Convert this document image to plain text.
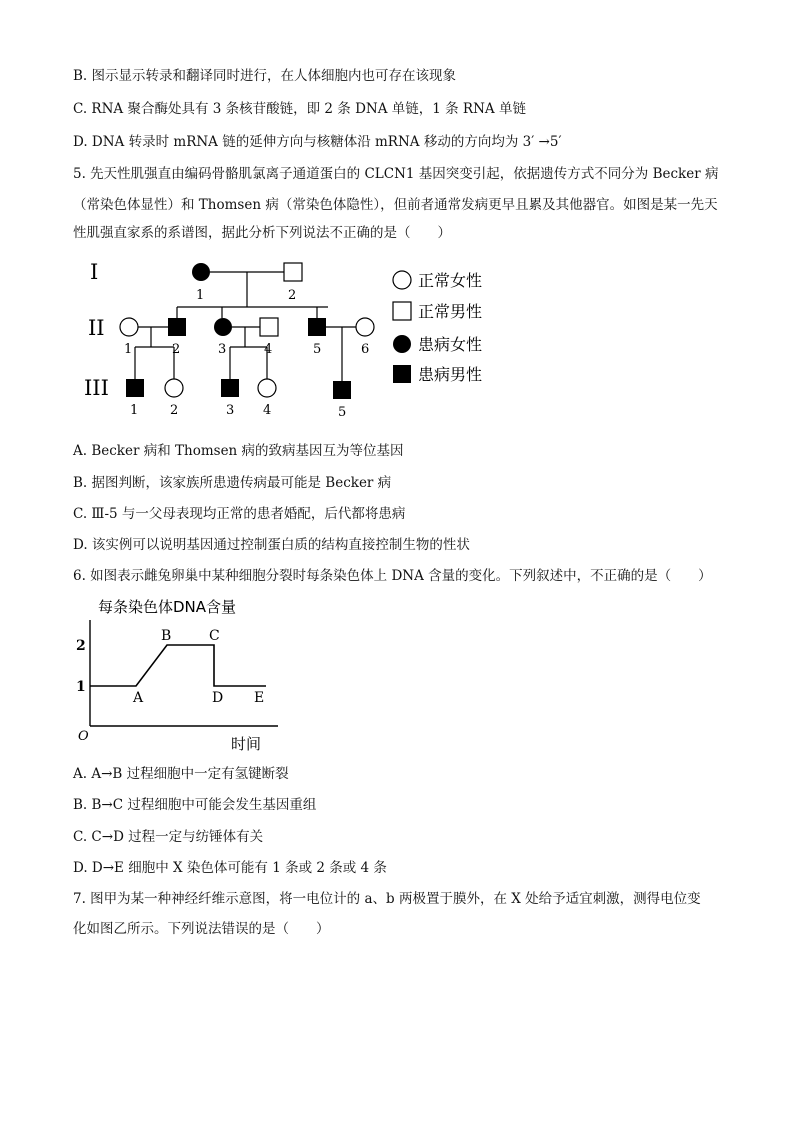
B. 图示显示转录和翻译同时进行，在人体细胞内也可存在该现象
C. RNA 聚合酶处具有 3 条核苷酸链，即 2 条 DNA 单链，1 条 RNA 单链
D. DNA 转录时 mRNA 链的延伸方向与核糖体沿 mRNA 移动的方向均为 3′ →5′
5. 先天性肌强直由编码骨骼肌氯离子通道蛋白的 CLCN1 基因突变引起，依据遗传方式不同分为 Becker 病
（常染色体显性）和 Thomsen 病（常染色体隐性），但前者通常发病更早且累及其他器官。如图是某一先天
性肌强直家系的系谱图，据此分析下列说法不正确的是（　　）
I
II
III
1	2
1	2	3	4	5	6
1 2	3 4	5
正常女性
正常男性
患病女性
患病男性
A. Becker 病和 Thomsen 病的致病基因互为等位基因
B. 据图判断，该家族所患遗传病最可能是 Becker 病
C. Ⅲ-5 与一父母表现均正常的患者婚配，后代都将患病
D. 该实例可以说明基因通过控制蛋白质的结构直接控制生物的性状
6. 如图表示雌兔卵巢中某种细胞分裂时每条染色体上 DNA 含量的变化。下列叙述中，不正确的是（　　）
每条染色体DNA含量
2
1
O
A
B	C
D E
时间
A. A→B 过程细胞中一定有氢键断裂
B. B→C 过程细胞中可能会发生基因重组
C. C→D 过程一定与纺锤体有关
D. D→E 细胞中 X 染色体可能有 1 条或 2 条或 4 条
7. 图甲为某一种神经纤维示意图，将一电位计的 a、b 两极置于膜外，在 X 处给予适宜刺激，测得电位变
化如图乙所示。下列说法错误的是（　　）
